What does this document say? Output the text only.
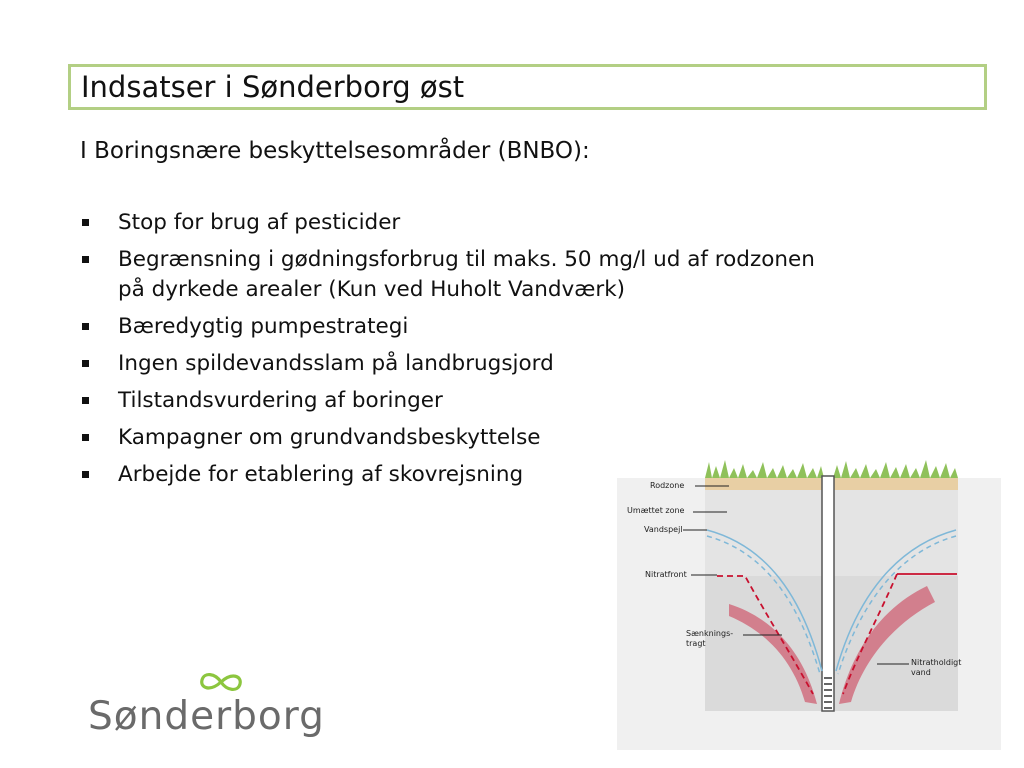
Indsatser i Sønderborg øst
I Boringsnære beskyttelsesområder (BNBO):
Stop for brug af pesticider
Begrænsning i gødningsforbrug til maks. 50 mg/l ud af rodzonen
på dyrkede arealer (Kun ved Huholt Vandværk)
Bæredygtig pumpestrategi
Ingen spildevandsslam på landbrugsjord
Tilstandsvurdering af boringer
Kampagner om grundvandsbeskyttelse
Arbejde for etablering af skovrejsning	Rodzone
Umættet zone
Vandspejl
Nitratfront
Sænknings-
tragt
Nitratholdigt
vand
Sønderborg
